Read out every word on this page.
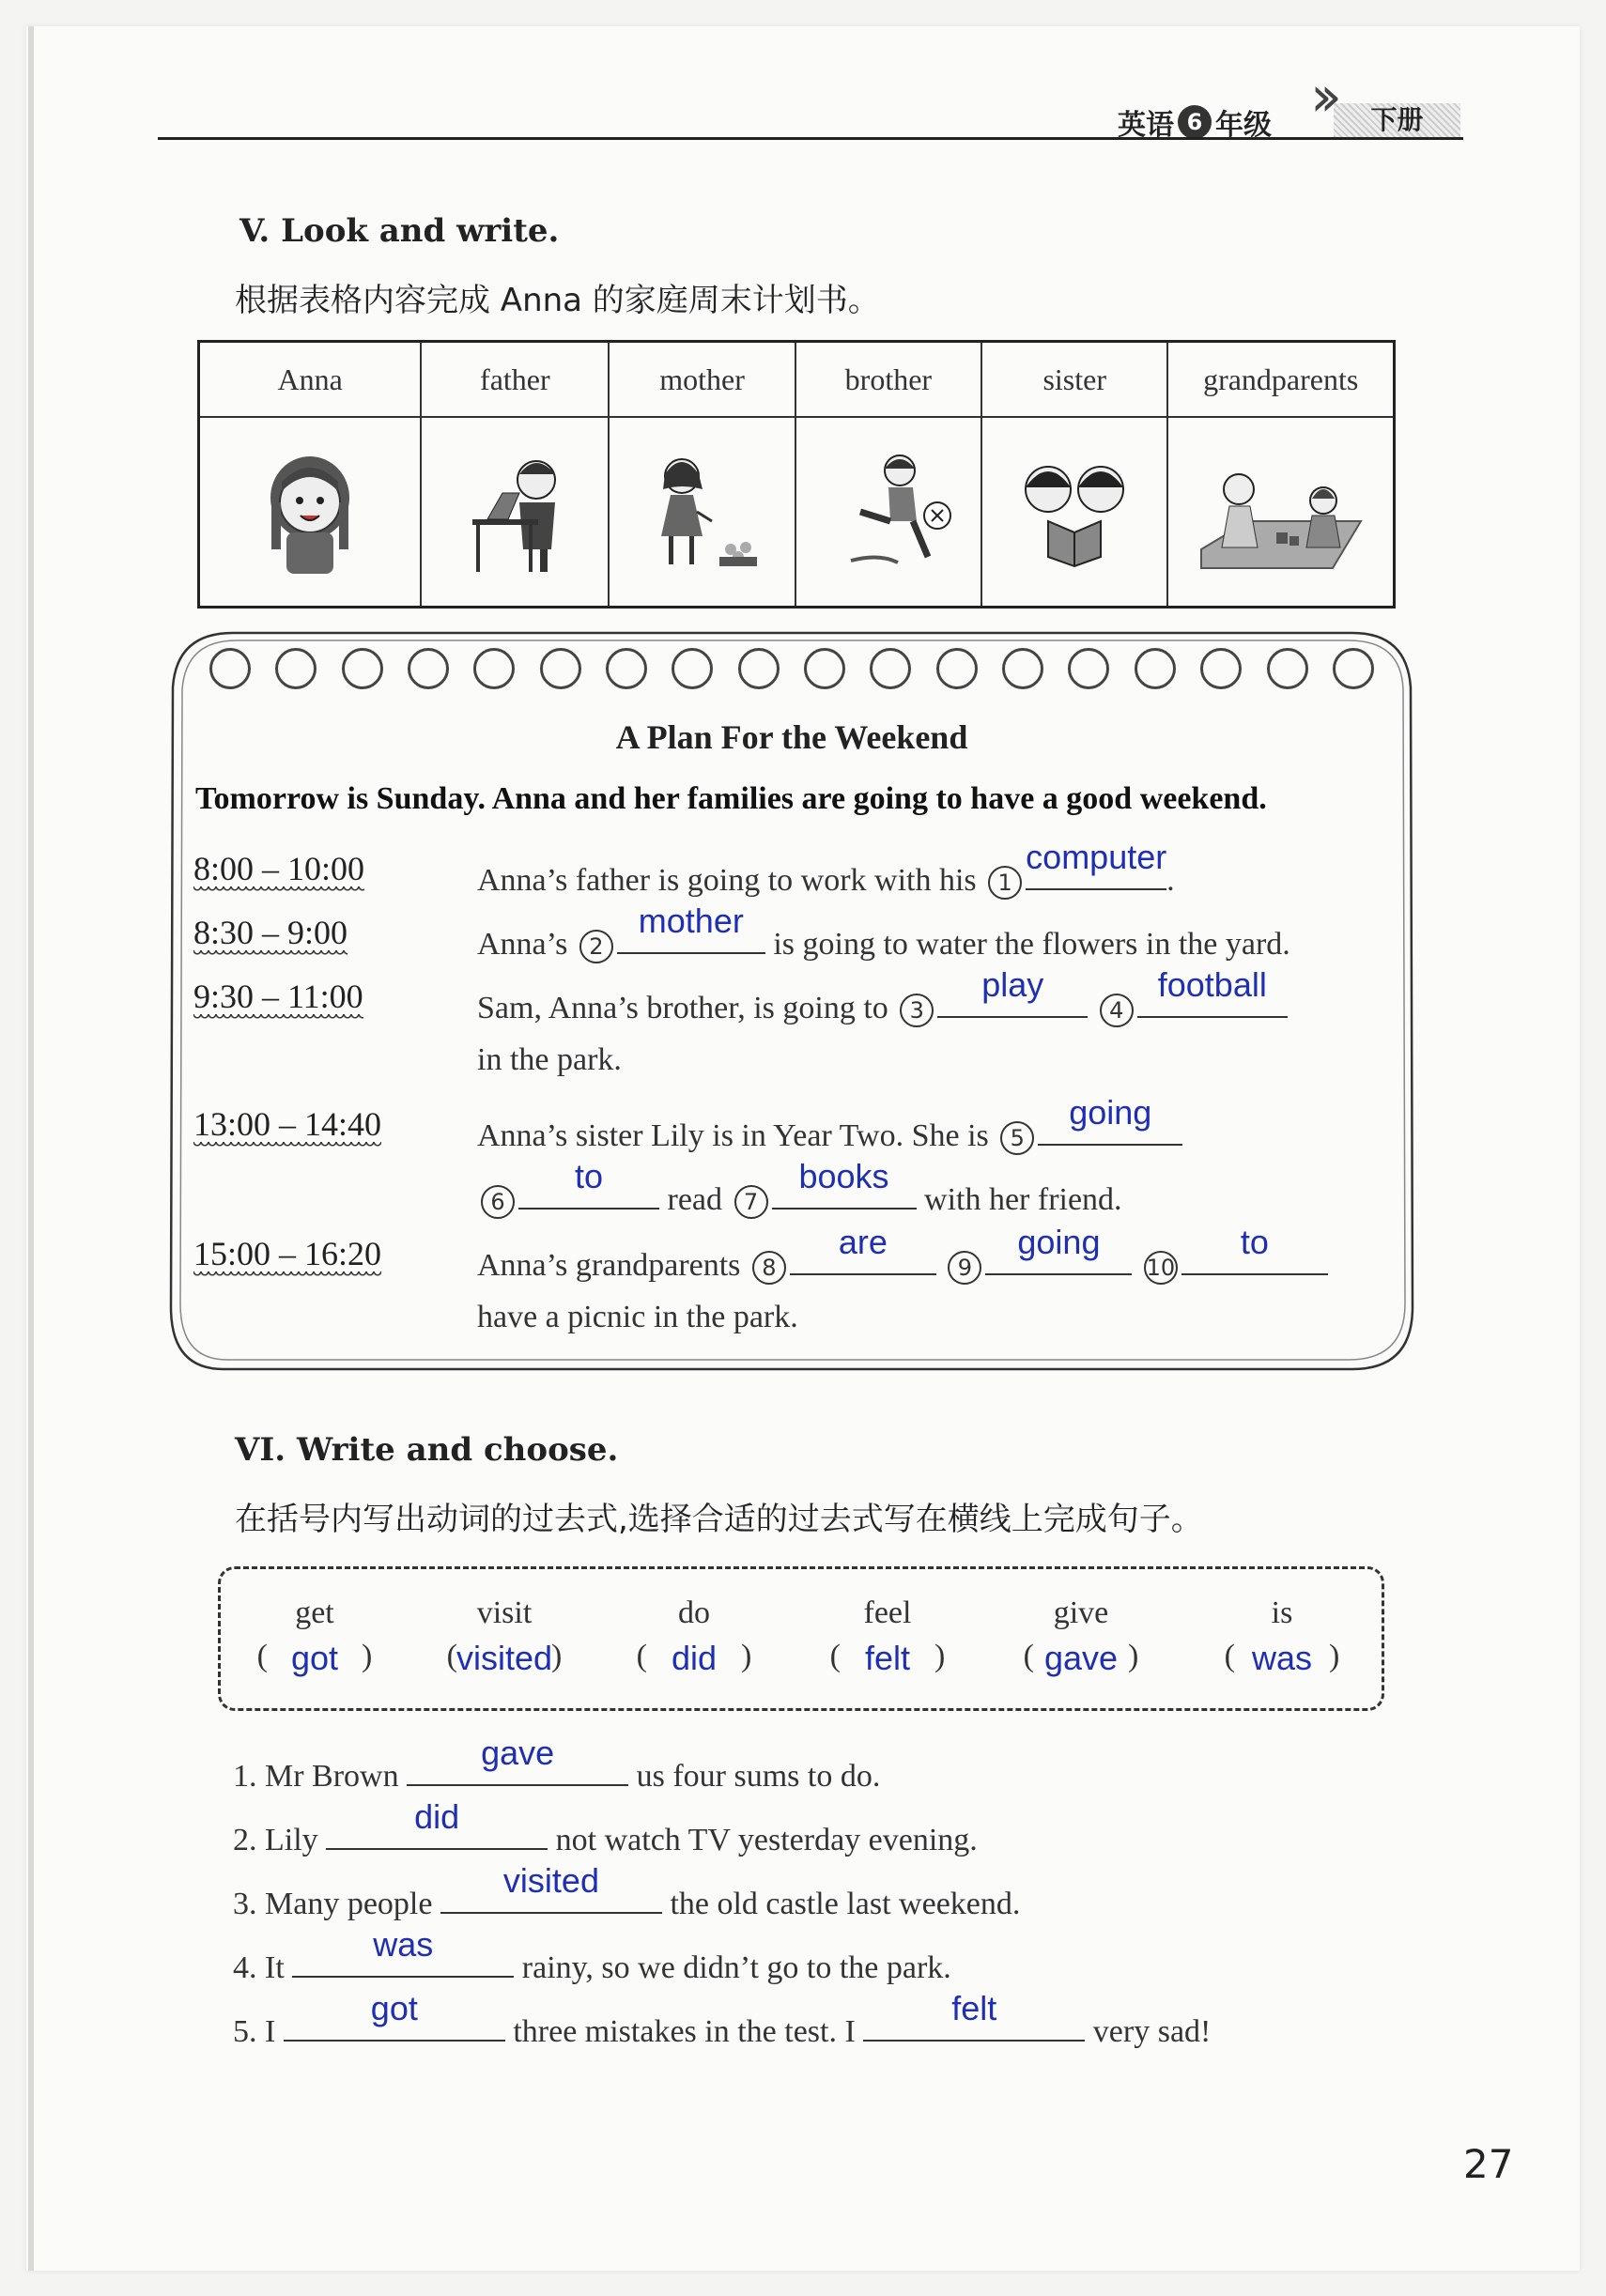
英语 6 年级 ››	下册
V. Look and write.
根据表格内容完成 Anna 的家庭周末计划书。
Anna	father	mother	brother	sister	grandparents

A Plan For the Weekend
Tomorrow is Sunday. Anna and her families are going to have a good weekend.
8:00 – 10:00	Anna’s father is going to work with his 1
computer
.
8:30 – 9:00	Anna’s 2
mother
is going to water the flowers in the yard.
9:30 – 11:00	Sam, Anna’s brother, is going to 3
play
4
football
in the park.
13:00 – 14:40	Anna’s sister Lily is in Year Two. She is 5
going
6
to
read 7
books
with her friend.
15:00 – 16:20	Anna’s grandparents 8
are
9
going
10
to
have a picnic in the park.
VI. Write and choose.
在括号内写出动词的过去式,选择合适的过去式写在横线上完成句子。
get
(	)
got
visit
(	)
visited
do
(	)
did
feel
(	)
felt
give
(	)
gave
is
(	)
was
1. Mr Brown
gave
us four sums to do.
2. Lily
did
not watch TV yesterday evening.
3. Many people
visited
the old castle last weekend.
4. It
was
rainy, so we didn’t go to the park.
5. I
got
three mistakes in the test. I
felt
very sad!
27
